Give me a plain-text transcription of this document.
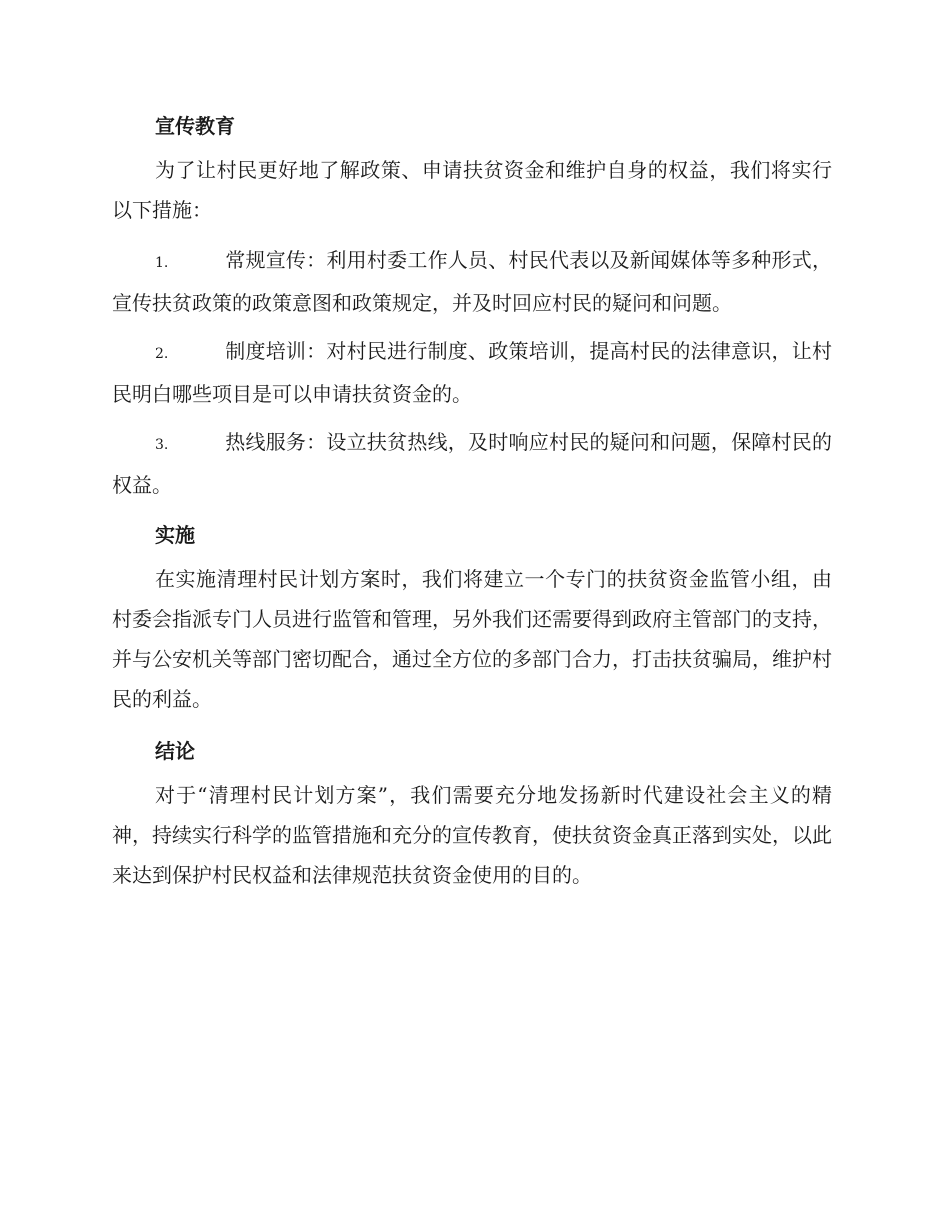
宣传教育

为了让村民更好地了解政策、申请扶贫资金和维护自身的权益，我们将实行以下措施：

1.	常规宣传：利用村委工作人员、村民代表以及新闻媒体等多种形式，宣传扶贫政策的政策意图和政策规定，并及时回应村民的疑问和问题。
2.	制度培训：对村民进行制度、政策培训，提高村民的法律意识，让村民明白哪些项目是可以申请扶贫资金的。
3.	热线服务：设立扶贫热线，及时响应村民的疑问和问题，保障村民的权益。
实施

在实施清理村民计划方案时，我们将建立一个专门的扶贫资金监管小组，由村委会指派专门人员进行监管和管理，另外我们还需要得到政府主管部门的支持，并与公安机关等部门密切配合，通过全方位的多部门合力，打击扶贫骗局，维护村民的利益。

结论

对于“清理村民计划方案”，我们需要充分地发扬新时代建设社会主义的精神，持续实行科学的监管措施和充分的宣传教育，使扶贫资金真正落到实处，以此来达到保护村民权益和法律规范扶贫资金使用的目的。
